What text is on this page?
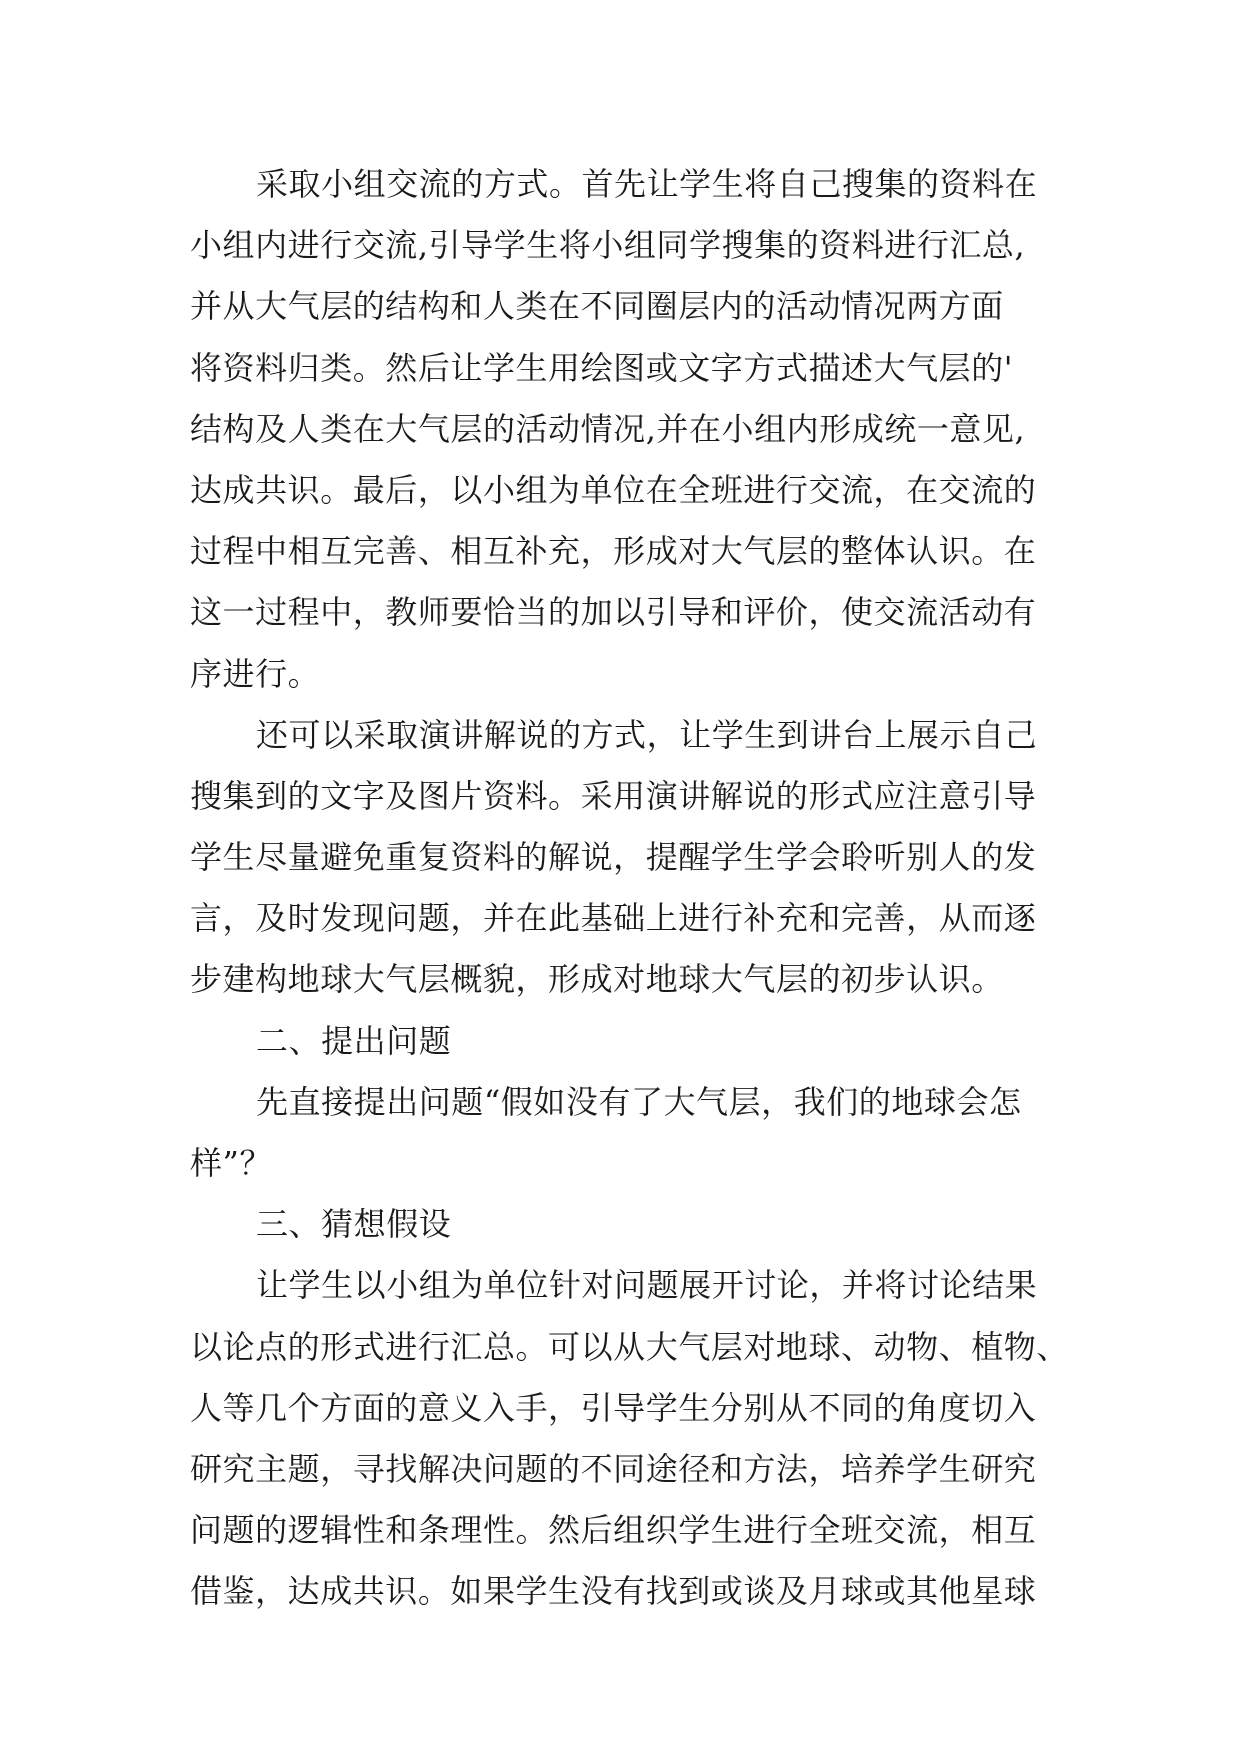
采取小组交流的方式。首先让学生将自己搜集的资料在
小组内进行交流,引导学生将小组同学搜集的资料进行汇总,
并从大气层的结构和人类在不同圈层内的活动情况两方面
将资料归类。然后让学生用绘图或文字方式描述大气层的'
结构及人类在大气层的活动情况,并在小组内形成统一意见,
达成共识。最后，以小组为单位在全班进行交流，在交流的
过程中相互完善、相互补充，形成对大气层的整体认识。在
这一过程中，教师要恰当的加以引导和评价，使交流活动有
序进行。
还可以采取演讲解说的方式，让学生到讲台上展示自己
搜集到的文字及图片资料。采用演讲解说的形式应注意引导
学生尽量避免重复资料的解说，提醒学生学会聆听别人的发
言，及时发现问题，并在此基础上进行补充和完善，从而逐
步建构地球大气层概貌，形成对地球大气层的初步认识。
二、提出问题
先直接提出问题“假如没有了大气层，我们的地球会怎
样”？
三、猜想假设
让学生以小组为单位针对问题展开讨论，并将讨论结果
以论点的形式进行汇总。可以从大气层对地球、动物、植物、
人等几个方面的意义入手，引导学生分别从不同的角度切入
研究主题，寻找解决问题的不同途径和方法，培养学生研究
问题的逻辑性和条理性。然后组织学生进行全班交流，相互
借鉴，达成共识。如果学生没有找到或谈及月球或其他星球
